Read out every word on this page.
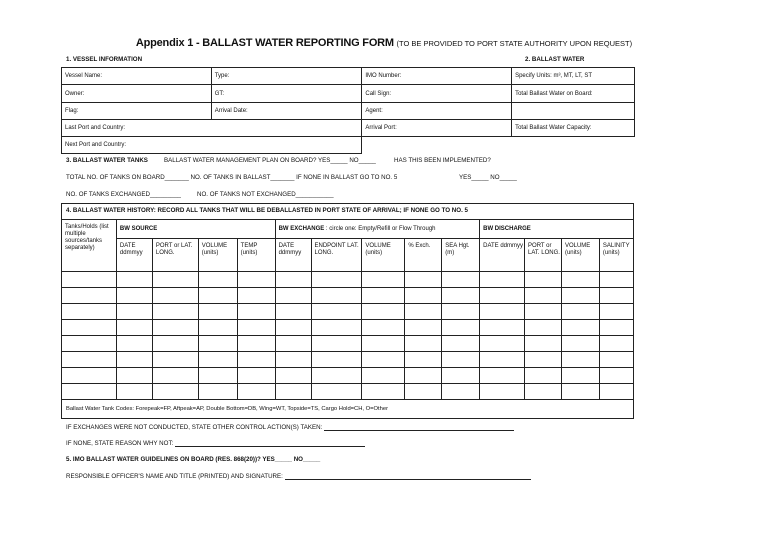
Appendix 1 - BALLAST WATER REPORTING FORM (TO BE PROVIDED TO PORT STATE AUTHORITY UPON REQUEST)
1. VESSEL INFORMATION	2. BALLAST WATER
Vessel Name:	Type:	IMO Number:	Specify Units: m³, MT, LT, ST
Owner:	GT:	Call Sign:	Total Ballast Water on Board:
Flag:	Arrival Date:	Agent:	
Last Port and Country:		Arrival Port:	Total Ballast Water Capacity:
Next Port and Country:			
3. BALLAST WATER TANKS	BALLAST WATER MANAGEMENT PLAN ON BOARD? YES_____ NO_____	HAS THIS BEEN IMPLEMENTED?
TOTAL NO. OF TANKS ON BOARD_______ NO. OF TANKS IN BALLAST_______ IF NONE IN BALLAST GO TO NO. 5	YES_____ NO_____
NO. OF TANKS EXCHANGED_________	NO. OF TANKS NOT EXCHANGED___________
4. BALLAST WATER HISTORY: RECORD ALL TANKS THAT WILL BE DEBALLASTED IN PORT STATE OF ARRIVAL; IF NONE GO TO NO. 5
Tanks/Holds (list multiple sources/tanks separately)	BW SOURCE				BW EXCHANGE : circle one: Empty/Refill or Flow Through					BW DISCHARGE			
	DATE ddmmyy	PORT or LAT. LONG.	VOLUME (units)	TEMP (units)	DATE ddmmyy	ENDPOINT LAT. LONG.	VOLUME (units)	% Exch.	SEA Hgt. (m)	DATE ddmmyy	PORT or LAT. LONG.	VOLUME (units)	SALINITY (units)

Ballast Water Tank Codes: Forepeak=FP, Aftpeak=AP, Double Bottom=DB, Wing=WT, Topside=TS, Cargo Hold=CH, O=Other
IF EXCHANGES WERE NOT CONDUCTED, STATE OTHER CONTROL ACTION(S) TAKEN:
IF NONE, STATE REASON WHY NOT:
5. IMO BALLAST WATER GUIDELINES ON BOARD (RES. 868(20))? YES_____ NO_____
RESPONSIBLE OFFICER'S NAME AND TITLE (PRINTED) AND SIGNATURE:
